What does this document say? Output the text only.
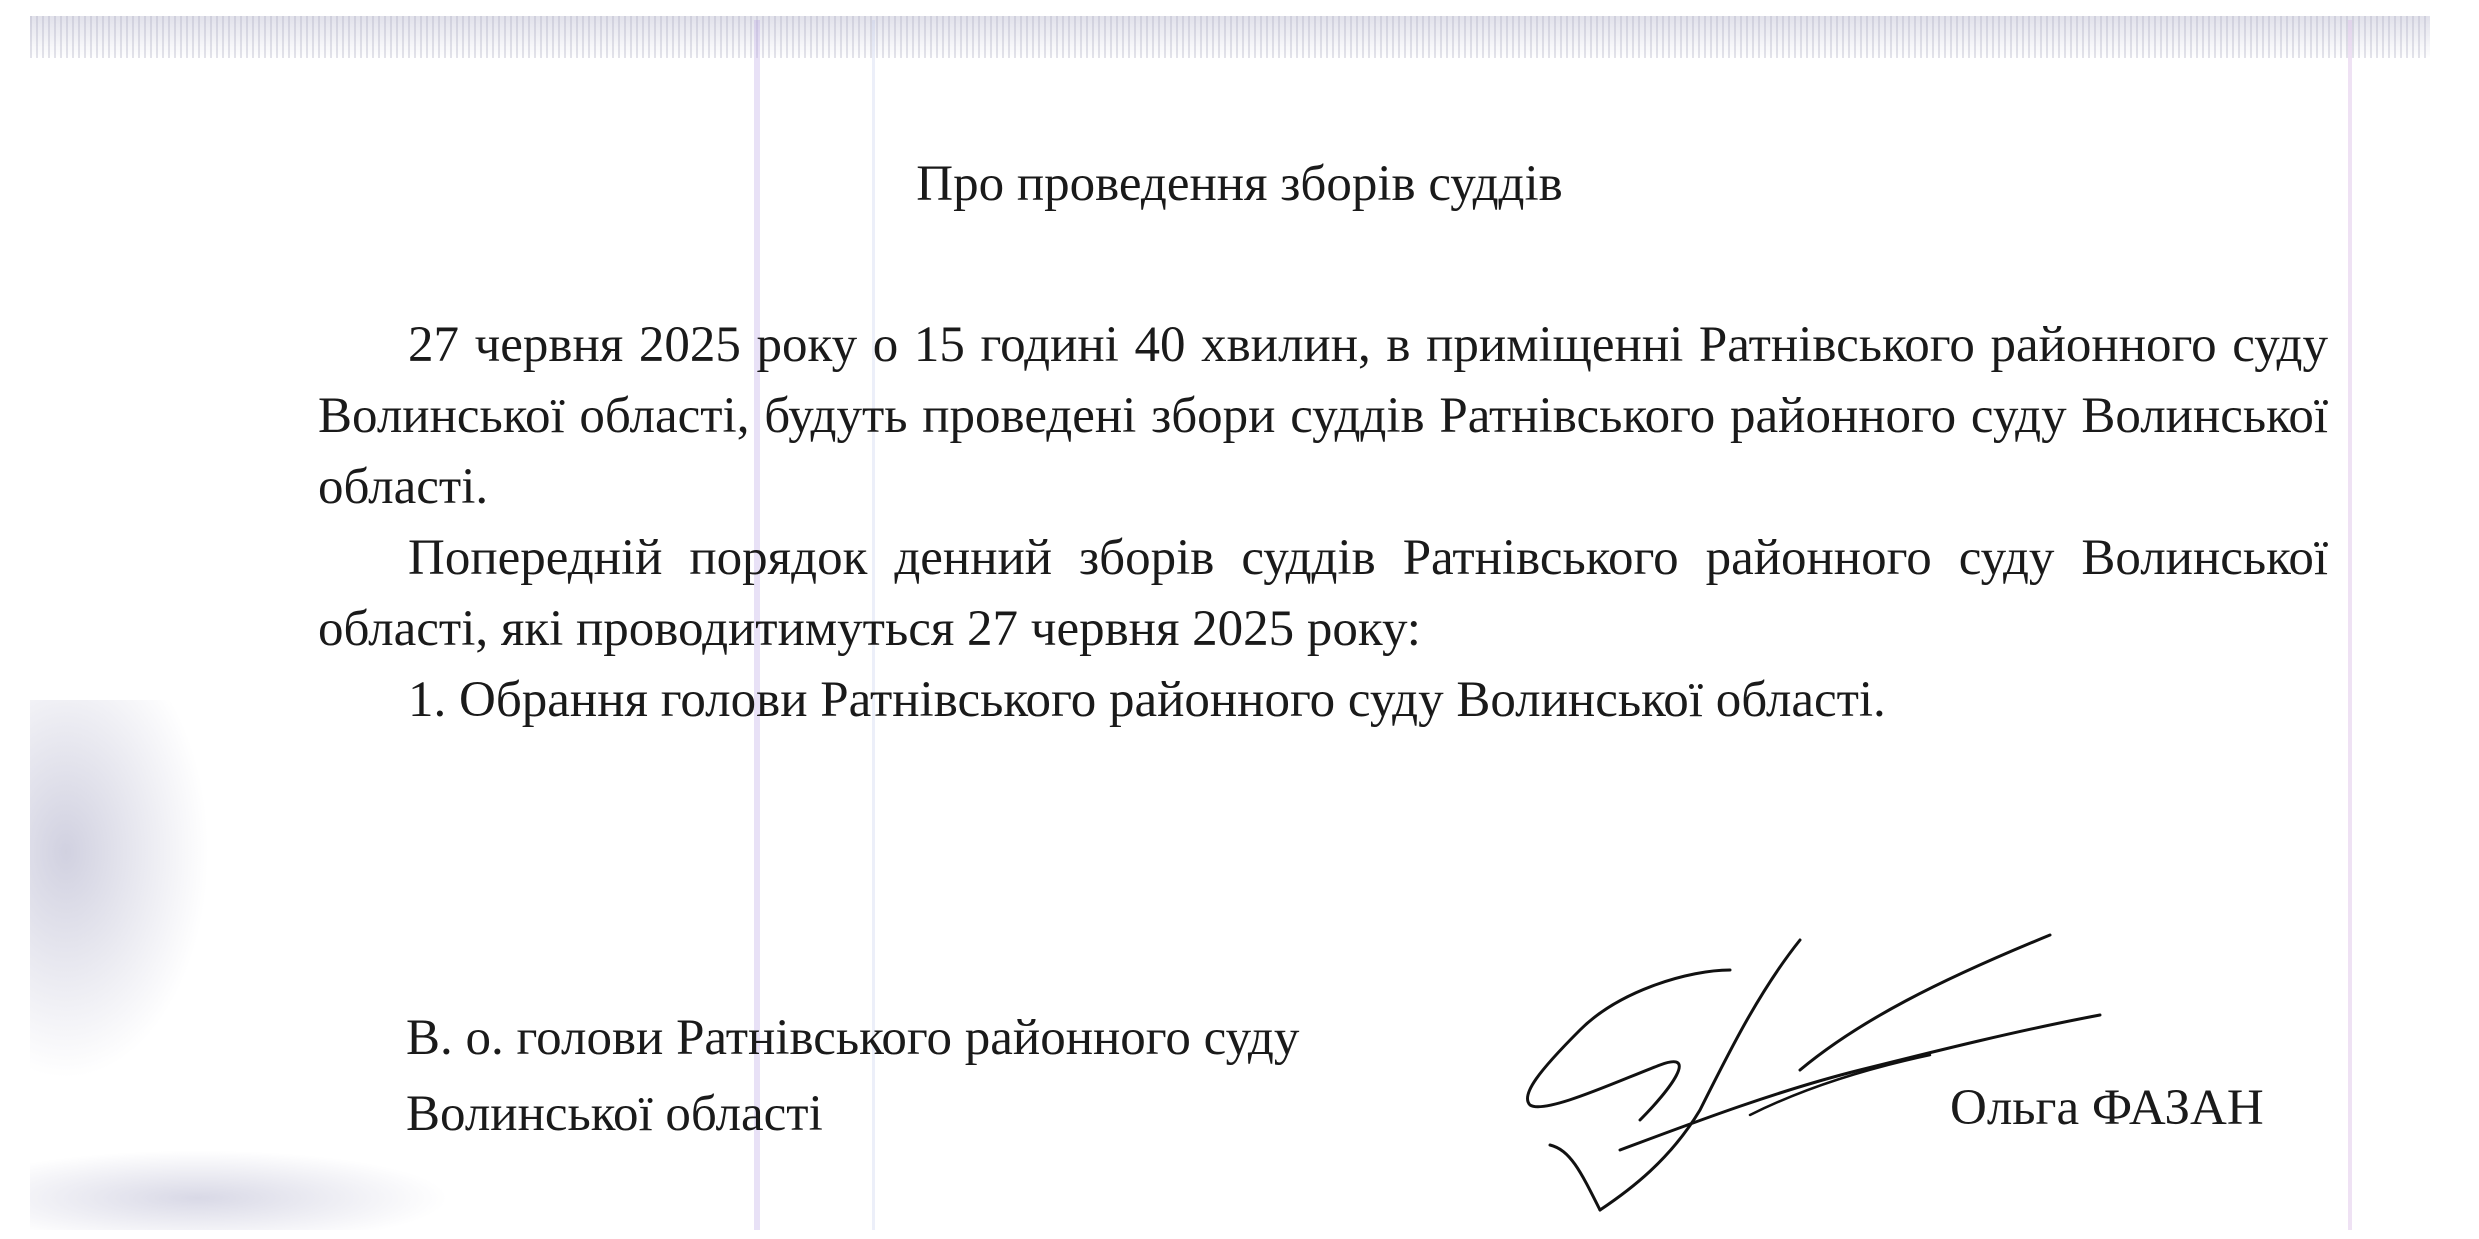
Про проведення зборів суддів

27 червня 2025 року о 15 годині 40 хвилин, в приміщенні Ратнівського районного суду Волинської області, будуть проведені збори суддів Ратнівського районного суду Волинської області.

Попередній порядок денний зборів суддів Ратнівського районного суду Волинської області, які проводитимуться 27 червня 2025 року:

1. Обрання голови Ратнівського районного суду Волинської області.

В. о. голови Ратнівського районного суду
Волинської області	Ольга ФАЗАН
